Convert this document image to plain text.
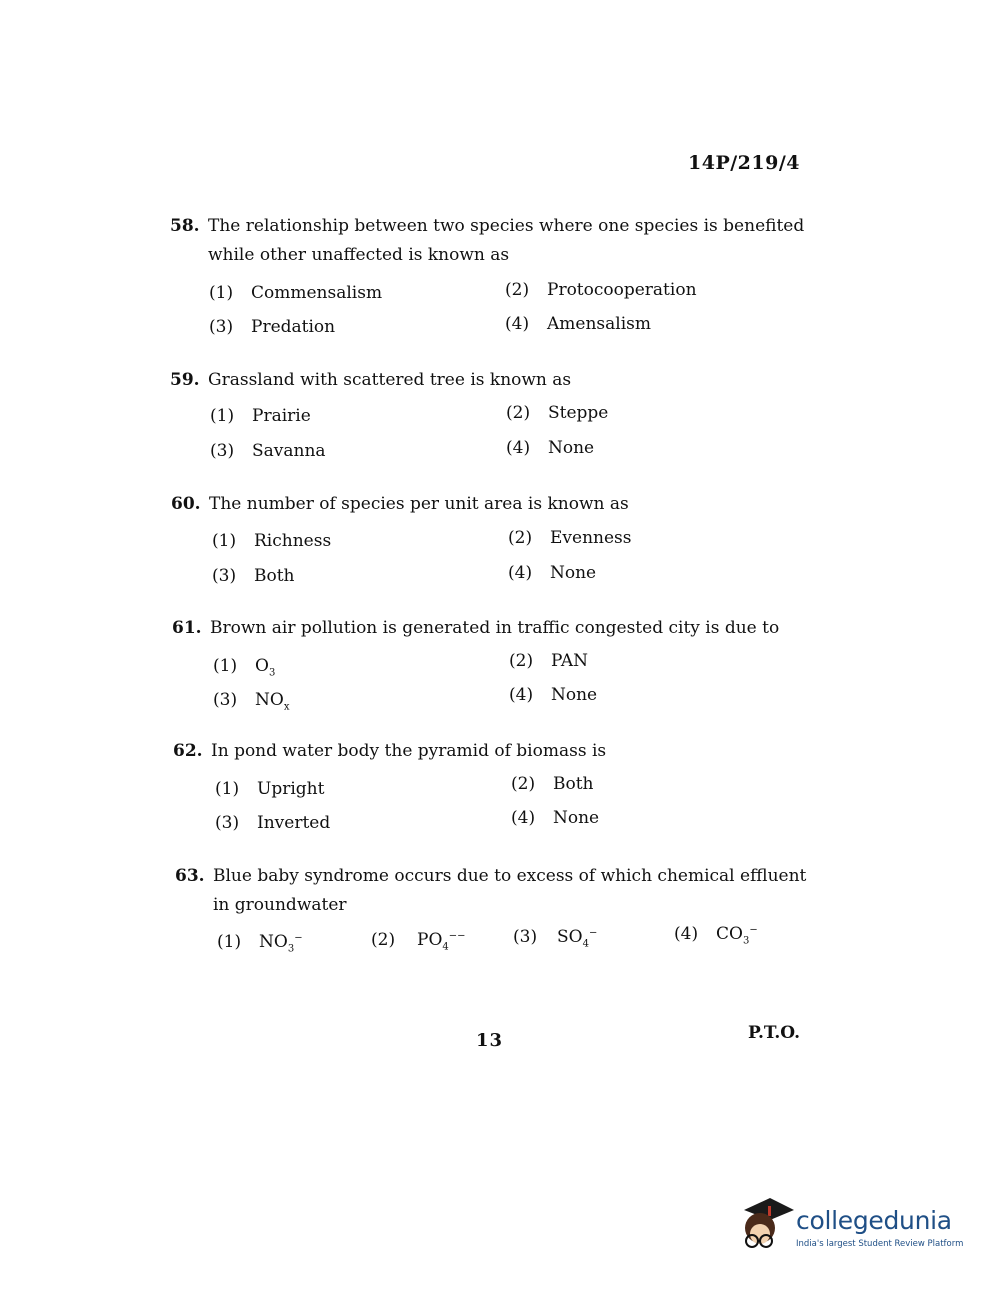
14P/219/4
58. The relationship between two species where one species is benefited
while other unaffected is known as
(1) Commensalism	(2) Protocooperation
(3) Predation	(4) Amensalism
59. Grassland with scattered tree is known as
(1) Prairie	(2) Steppe
(3) Savanna	(4) None
60. The number of species per unit area is known as
(1) Richness	(2) Evenness
(3) Both	(4) None
61. Brown air pollution is generated in traffic congested city is due to
(1) $O_3$
(2) PAN
(3) $NO_x$
(4) None
62. In pond water body the pyramid of biomass is
(1) Upright	(2) Both
(3) Inverted	(4) None
63. Blue baby syndrome occurs due to excess of which chemical effluent
in groundwater
(1) $NO_3^-$	(2) $PO_4^{--}$	(3) $SO_4^-$	(4) $CO_3^-$
13	P.T.O.
collegedunia
India's largest Student Review Platform
